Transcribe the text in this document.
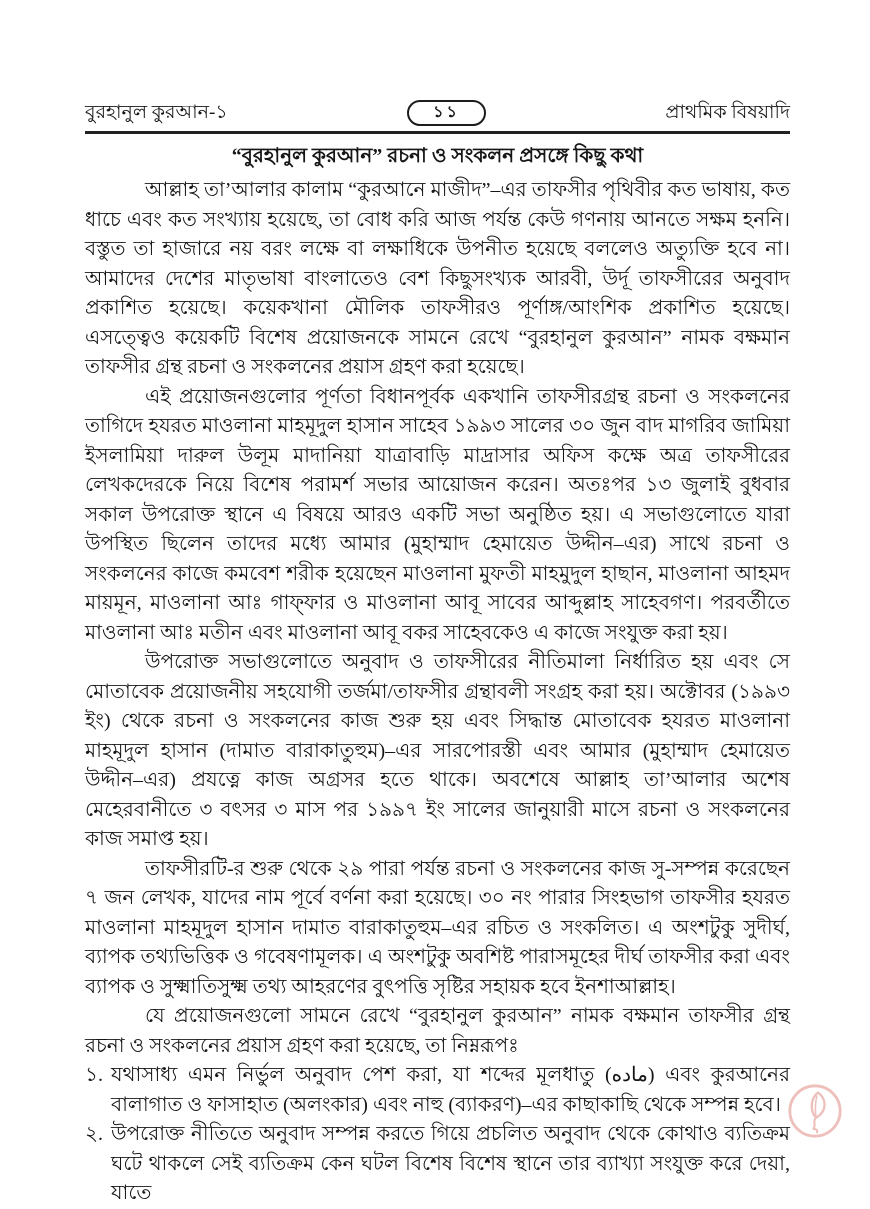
বুরহানুল কুরআন-১	১১	প্রাথমিক বিষয়াদি
“বুরহানুল কুরআন” রচনা ও সংকলন প্রসঙ্গে কিছু কথা

আল্লাহ তা’আলার কালাম “কুরআনে মাজীদ”–এর তাফসীর পৃথিবীর কত ভাষায়, কত ধাচে এবং কত সংখ্যায় হয়েছে, তা বোধ করি আজ পর্যন্ত কেউ গণনায় আনতে সক্ষম হননি। বস্তুত তা হাজারে নয় বরং লক্ষে বা লক্ষাধিকে উপনীত হয়েছে বললেও অত্যুক্তি হবে না। আমাদের দেশের মাতৃভাষা বাংলাতেও বেশ কিছুসংখ্যক আরবী, উর্দূ তাফসীরের অনুবাদ প্রকাশিত হয়েছে। কয়েকখানা মৌলিক তাফসীরও পূর্ণাঙ্গ/আংশিক প্রকাশিত হয়েছে। এসত্ত্বেও কয়েকটি বিশেষ প্রয়োজনকে সামনে রেখে “বুরহানুল কুরআন” নামক বক্ষমান তাফসীর গ্রন্থ রচনা ও সংকলনের প্রয়াস গ্রহণ করা হয়েছে।

এই প্রয়োজনগুলোর পূর্ণতা বিধানপূর্বক একখানি তাফসীরগ্রন্থ রচনা ও সংকলনের তাগিদে হযরত মাওলানা মাহমূদুল হাসান সাহেব ১৯৯৩ সালের ৩০ জুন বাদ মাগরিব জামিয়া ইসলামিয়া দারুল উলূম মাদানিয়া যাত্রাবাড়ি মাদ্রাসার অফিস কক্ষে অত্র তাফসীরের লেখকদেরকে নিয়ে বিশেষ পরামর্শ সভার আয়োজন করেন। অতঃপর ১৩ জুলাই বুধবার সকাল উপরোক্ত স্থানে এ বিষয়ে আরও একটি সভা অনুষ্ঠিত হয়। এ সভাগুলোতে যারা উপস্থিত ছিলেন তাদের মধ্যে আমার (মুহাম্মাদ হেমায়েত উদ্দীন–এর) সাথে রচনা ও সংকলনের কাজে কমবেশ শরীক হয়েছেন মাওলানা মুফতী মাহমুদুল হাছান, মাওলানা আহমদ মায়মূন, মাওলানা আঃ গাফ্ফার ও মাওলানা আবূ সাবের আব্দুল্লাহ সাহেবগণ। পরবর্তীতে মাওলানা আঃ মতীন এবং মাওলানা আবূ বকর সাহেবকেও এ কাজে সংযুক্ত করা হয়।

উপরোক্ত সভাগুলোতে অনুবাদ ও তাফসীরের নীতিমালা নির্ধারিত হয় এবং সে মোতাবেক প্রয়োজনীয় সহযোগী তর্জমা/তাফসীর গ্রন্থাবলী সংগ্রহ করা হয়। অক্টোবর (১৯৯৩ ইং) থেকে রচনা ও সংকলনের কাজ শুরু হয় এবং সিদ্ধান্ত মোতাবেক হযরত মাওলানা মাহমূদুল হাসান (দামাত বারাকাতুহুম)–এর সারপোরস্তী এবং আমার (মুহাম্মাদ হেমায়েত উদ্দীন–এর) প্রযত্নে কাজ অগ্রসর হতে থাকে। অবশেষে আল্লাহ তা’আলার অশেষ মেহেরবানীতে ৩ বৎসর ৩ মাস পর ১৯৯৭ ইং সালের জানুয়ারী মাসে রচনা ও সংকলনের কাজ সমাপ্ত হয়।

তাফসীরটি-র শুরু থেকে ২৯ পারা পর্যন্ত রচনা ও সংকলনের কাজ সু-সম্পন্ন করেছেন ৭ জন লেখক, যাদের নাম পূর্বে বর্ণনা করা হয়েছে। ৩০ নং পারার সিংহভাগ তাফসীর হযরত মাওলানা মাহমূদুল হাসান দামাত বারাকাতুহুম–এর রচিত ও সংকলিত। এ অংশটুকু সুদীর্ঘ, ব্যাপক তথ্যভিত্তিক ও গবেষণামূলক। এ অংশটুকু অবশিষ্ট পারাসমূহের দীর্ঘ তাফসীর করা এবং ব্যাপক ও সুক্ষ্মাতিসুক্ষ্ম তথ্য আহরণের বুৎপত্তি সৃষ্টির সহায়ক হবে ইনশাআল্লাহ।

যে প্রয়োজনগুলো সামনে রেখে “বুরহানুল কুরআন” নামক বক্ষমান তাফসীর গ্রন্থ রচনা ও সংকলনের প্রয়াস গ্রহণ করা হয়েছে, তা নিম্নরূপঃ

১. যথাসাধ্য এমন নির্ভুল অনুবাদ পেশ করা, যা শব্দের মূলধাতু (ماده) এবং কুরআনের বালাগাত ও ফাসাহাত (অলংকার) এবং নাহু (ব্যাকরণ)–এর কাছাকাছি থেকে সম্পন্ন হবে।
২. উপরোক্ত নীতিতে অনুবাদ সম্পন্ন করতে গিয়ে প্রচলিত অনুবাদ থেকে কোথাও ব্যতিক্রম ঘটে থাকলে সেই ব্যতিক্রম কেন ঘটল বিশেষ বিশেষ স্থানে তার ব্যাখ্যা সংযুক্ত করে দেয়া, যাতে
